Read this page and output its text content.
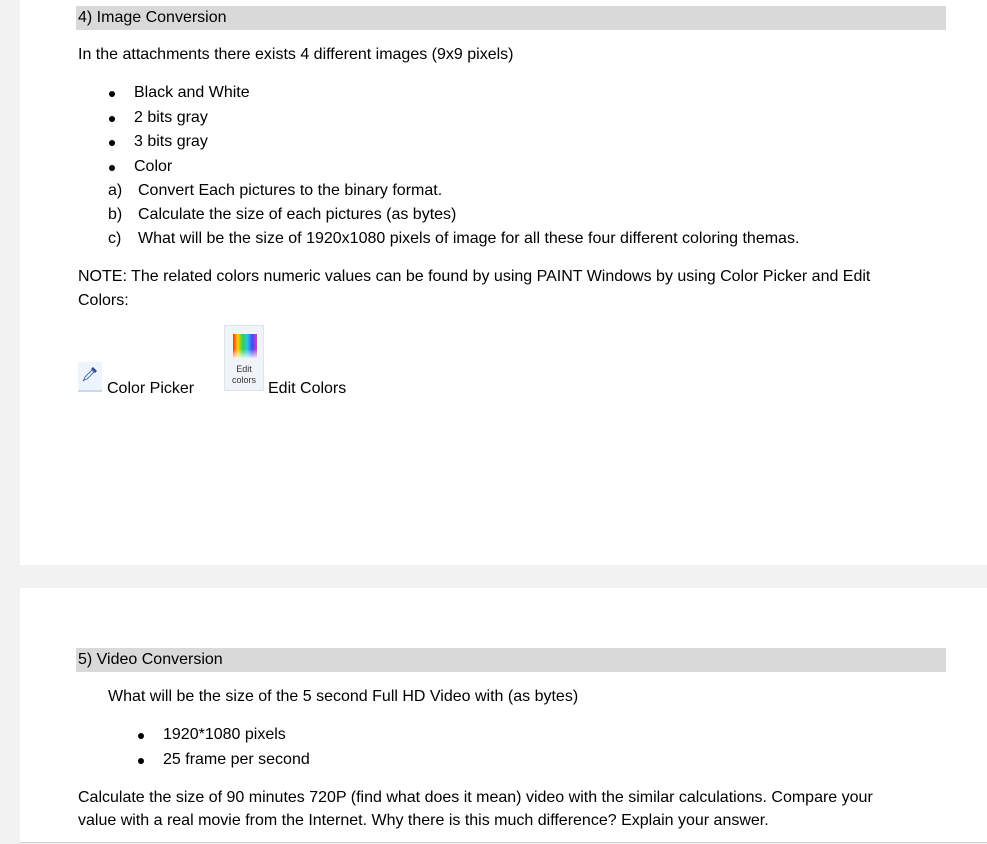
4) Image Conversion
In the attachments there exists 4 different images (9x9 pixels)
Black and White
2 bits gray
3 bits gray
Color
a) Convert Each pictures to the binary format.
b) Calculate the size of each pictures (as bytes)
c) What will be the size of 1920x1080 pixels of image for all these four different coloring themas.
NOTE: The related colors numeric values can be found by using PAINT Windows by using Color Picker and Edit
Colors:
Color Picker
Edit
colors Edit Colors
5) Video Conversion
What will be the size of the 5 second Full HD Video with (as bytes)
1920*1080 pixels
25 frame per second
Calculate the size of 90 minutes 720P (find what does it mean) video with the similar calculations. Compare your
value with a real movie from the Internet. Why there is this much difference? Explain your answer.
